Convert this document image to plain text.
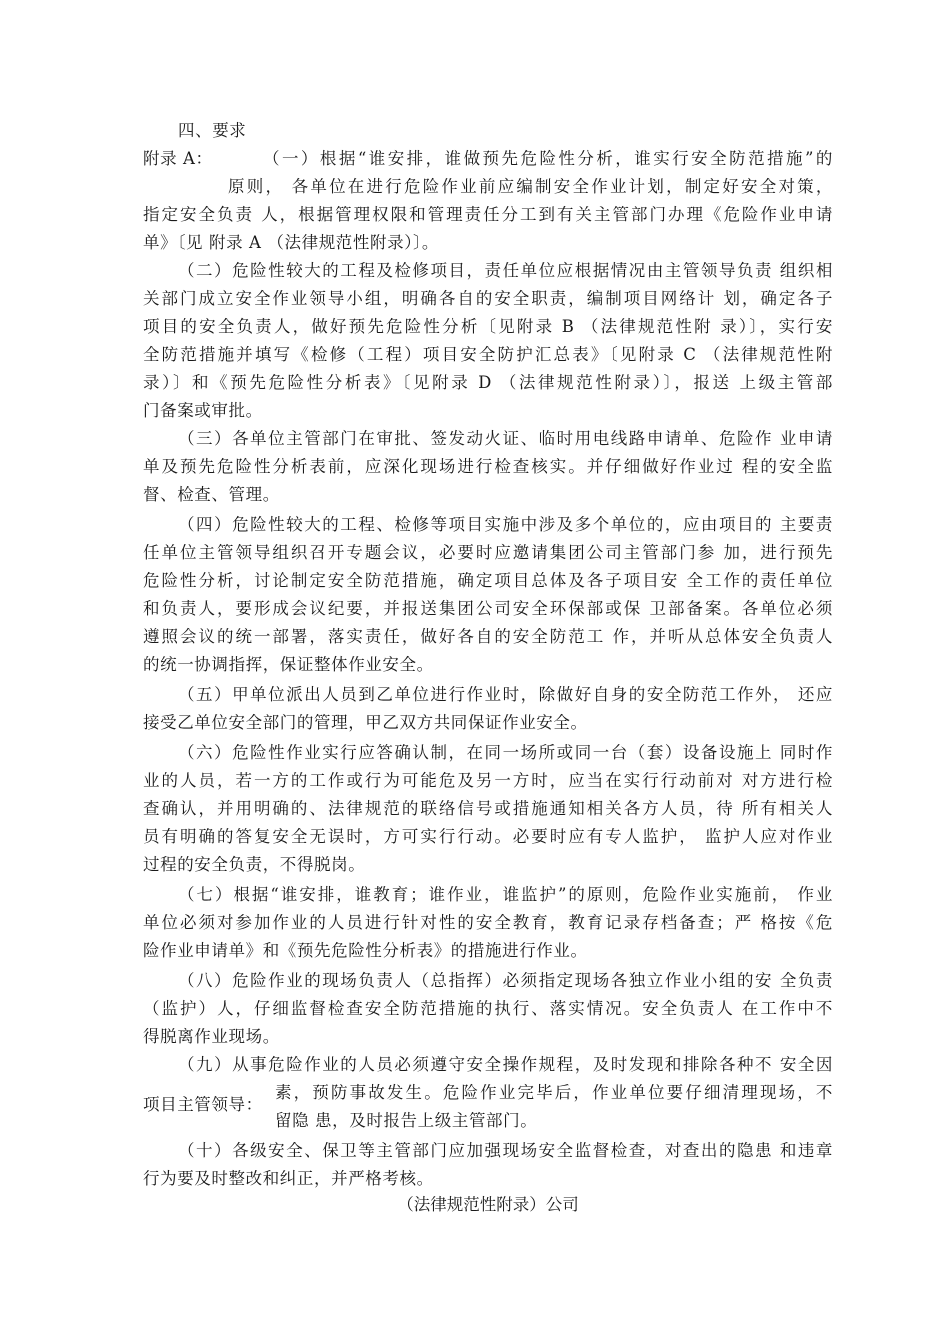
四、要求
附录 A：	（一）根据“谁安排，谁做预先危险性分析，谁实行安全防范措施”的
原则， 各单位在进行危险作业前应编制安全作业计划，制定好安全对策，
指定安全负责 人，根据管理权限和管理责任分工到有关主管部门办理《危险作业申请
单》〔见 附录 A （法律规范性附录）〕。
（二）危险性较大的工程及检修项目，责任单位应根据情况由主管领导负责 组织相
关部门成立安全作业领导小组，明确各自的安全职责，编制项目网络计 划，确定各子
项目的安全负责人，做好预先危险性分析〔见附录 B （法律规范性附 录）〕，实行安
全防范措施并填写《检修（工程）项目安全防护汇总表》〔见附录 C （法律规范性附
录）〕和《预先危险性分析表》〔见附录 D （法律规范性附录）〕，报送 上级主管部
门备案或审批。
（三）各单位主管部门在审批、签发动火证、临时用电线路申请单、危险作 业申请
单及预先危险性分析表前，应深化现场进行检查核实。并仔细做好作业过 程的安全监
督、检查、管理。
（四）危险性较大的工程、检修等项目实施中涉及多个单位的，应由项目的 主要责
任单位主管领导组织召开专题会议，必要时应邀请集团公司主管部门参 加，进行预先
危险性分析，讨论制定安全防范措施，确定项目总体及各子项目安 全工作的责任单位
和负责人，要形成会议纪要，并报送集团公司安全环保部或保 卫部备案。各单位必须
遵照会议的统一部署，落实责任，做好各自的安全防范工 作，并听从总体安全负责人
的统一协调指挥，保证整体作业安全。
（五）甲单位派出人员到乙单位进行作业时，除做好自身的安全防范工作外， 还应
接受乙单位安全部门的管理，甲乙双方共同保证作业安全。
（六）危险性作业实行应答确认制，在同一场所或同一台（套）设备设施上 同时作
业的人员，若一方的工作或行为可能危及另一方时，应当在实行行动前对 对方进行检
查确认，并用明确的、法律规范的联络信号或措施通知相关各方人员，待 所有相关人
员有明确的答复安全无误时，方可实行行动。必要时应有专人监护， 监护人应对作业
过程的安全负责，不得脱岗。
（七）根据“谁安排，谁教育；谁作业，谁监护”的原则，危险作业实施前， 作业
单位必须对参加作业的人员进行针对性的安全教育，教育记录存档备查；严 格按《危
险作业申请单》和《预先危险性分析表》的措施进行作业。
（八）危险作业的现场负责人（总指挥）必须指定现场各独立作业小组的安 全负责
（监护）人，仔细监督检查安全防范措施的执行、落实情况。安全负责人 在工作中不
得脱离作业现场。
（九）从事危险作业的人员必须遵守安全操作规程，及时发现和排除各种不 安全因
项目主管领导：
素，预防事故发生。危险作业完毕后，作业单位要仔细清理现场，不
留隐 患，及时报告上级主管部门。
（十）各级安全、保卫等主管部门应加强现场安全监督检查，对查出的隐患 和违章
行为要及时整改和纠正，并严格考核。
（法律规范性附录）公司
